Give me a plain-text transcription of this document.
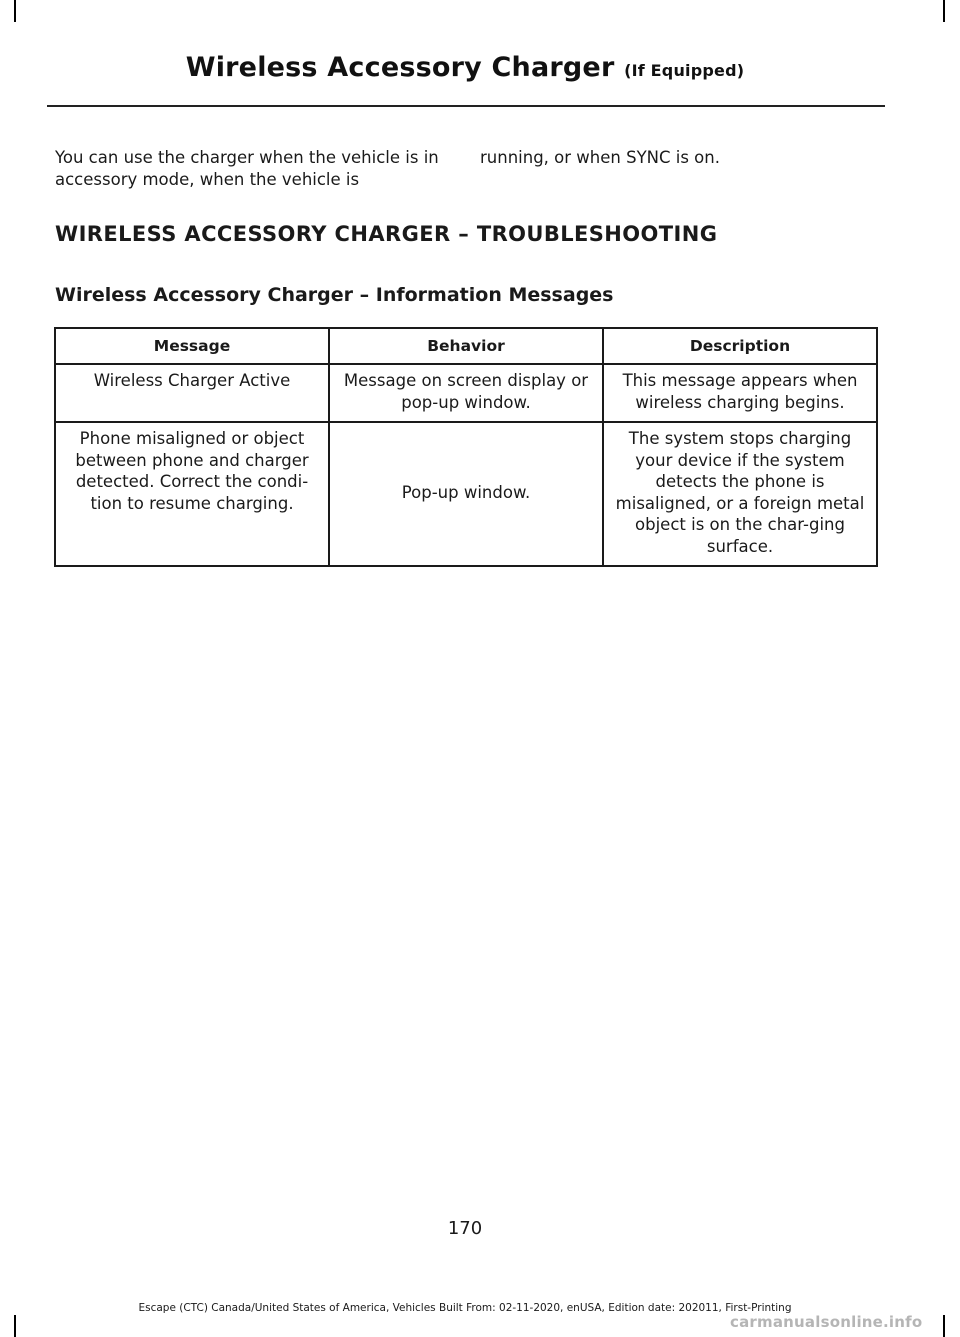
Wireless Accessory Charger (If Equipped)
You can use the charger when the vehicle is in accessory mode, when the vehicle is
running, or when SYNC is on.
WIRELESS ACCESSORY CHARGER – TROUBLESHOOTING
Wireless Accessory Charger – Information Messages
Message	Behavior	Description
Wireless Charger Active	Message on screen display or pop-up window.	This message appears when wireless charging begins.
Phone misaligned or object between phone and charger detected. Correct the condi-tion to resume charging.	Pop-up window.	The system stops charging your device if the system detects the phone is misaligned, or a foreign metal object is on the char-ging surface.
170
Escape (CTC) Canada/United States of America, Vehicles Built From: 02-11-2020, enUSA, Edition date: 202011, First-Printing
carmanualsonline.info
